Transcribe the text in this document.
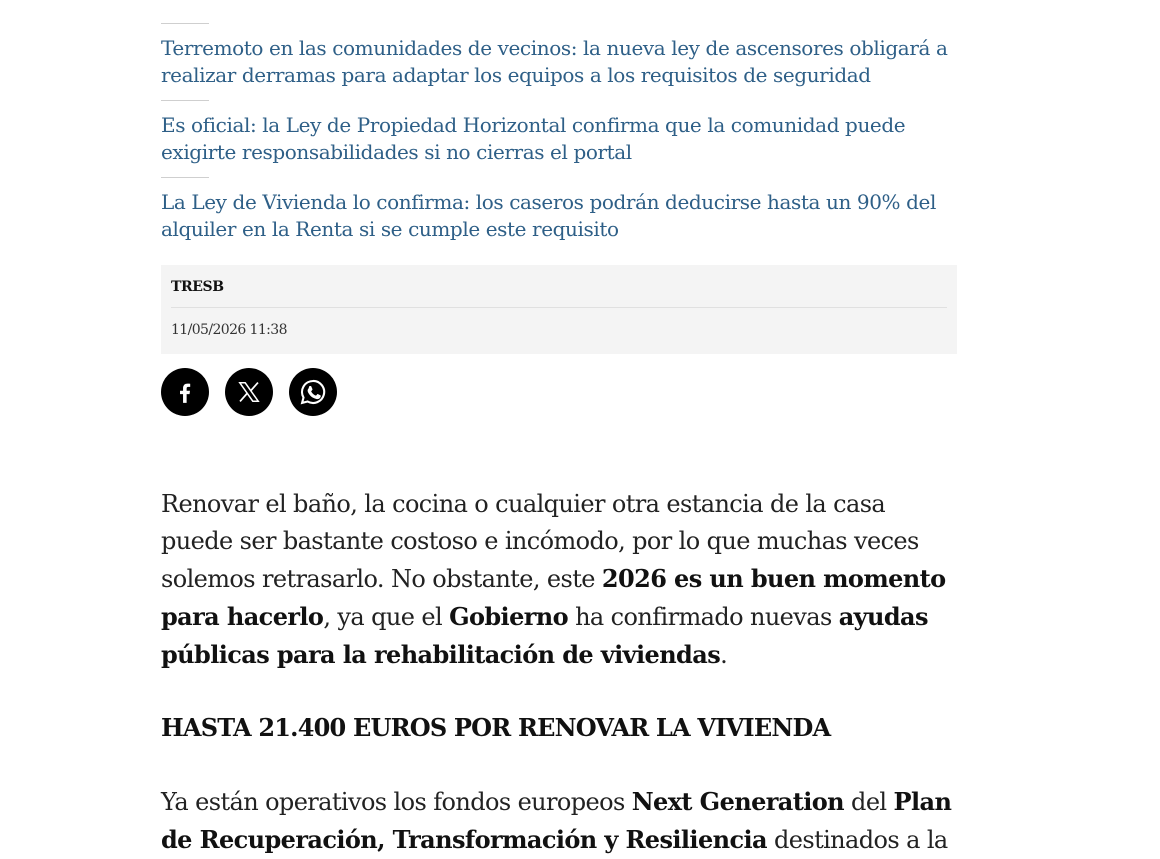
Terremoto en las comunidades de vecinos: la nueva ley de ascensores obligará a realizar derramas para adaptar los equipos a los requisitos de seguridad
Es oficial: la Ley de Propiedad Horizontal confirma que la comunidad puede exigirte responsabilidades si no cierras el portal
La Ley de Vivienda lo confirma: los caseros podrán deducirse hasta un 90% del alquiler en la Renta si se cumple este requisito
TRESB
11/05/2026 11:38

Renovar el baño, la cocina o cualquier otra estancia de la casa puede ser bastante costoso e incómodo, por lo que muchas veces solemos retrasarlo. No obstante, este 2026 es un buen momento para hacerlo, ya que el Gobierno ha confirmado nuevas ayudas públicas para la rehabilitación de viviendas.

HASTA 21.400 EUROS POR RENOVAR LA VIVIENDA

Ya están operativos los fondos europeos Next Generation del Plan de Recuperación, Transformación y Resiliencia destinados a la
